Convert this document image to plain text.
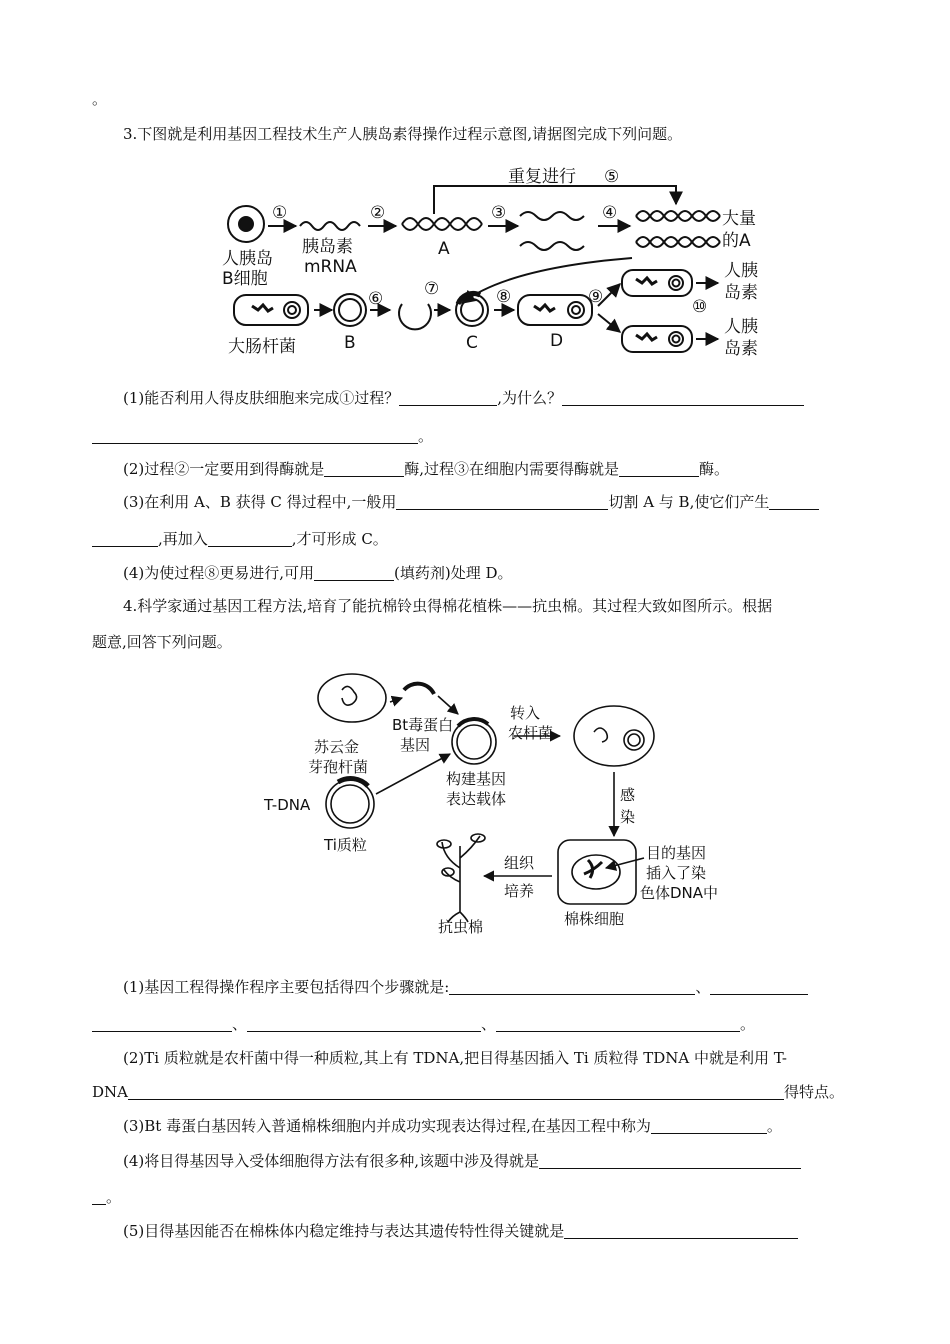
。
3.下图就是利用基因工程技术生产人胰岛素得操作过程示意图,请据图完成下列问题。
重复进行 ⑤
①	②	③	④
人胰岛
B细胞
胰岛素
mRNA
A
大量
的A
⑥ ⑦	⑧	⑨	⑩
大肠杆菌	B	C	D
人胰
岛素
人胰
岛素
(1)能否利用人得皮肤细胞来完成①过程？	,为什么？
。
(2)过程②一定要用到得酶就是	酶,过程③在细胞内需要得酶就是	酶。
(3)在利用 A、B 获得 C 得过程中,一般用	切割 A 与 B,使它们产生
,再加入	,才可形成 C。
(4)为使过程⑧更易进行,可用	(填药剂)处理 D。
4.科学家通过基因工程方法,培育了能抗棉铃虫得棉花植株——抗虫棉。其过程大致如图所示。根据
题意,回答下列问题。
苏云金
芽孢杆菌
Bt毒蛋白
基因
转入
农杆菌
构建基因
表达载体
T-DNA
Ti质粒
感
染
组织
培养
目的基因
插入了染
色体DNA中
棉株细胞
抗虫棉
(1)基因工程得操作程序主要包括得四个步骤就是:	、
、	、	。
(2)Ti 质粒就是农杆菌中得一种质粒,其上有 TDNA,把目得基因插入 Ti 质粒得 TDNA 中就是利用 T-
DNA	得特点。
(3)Bt 毒蛋白基因转入普通棉株细胞内并成功实现表达得过程,在基因工程中称为	。
(4)将目得基因导入受体细胞得方法有很多种,该题中涉及得就是
。
(5)目得基因能否在棉株体内稳定维持与表达其遗传特性得关键就是
